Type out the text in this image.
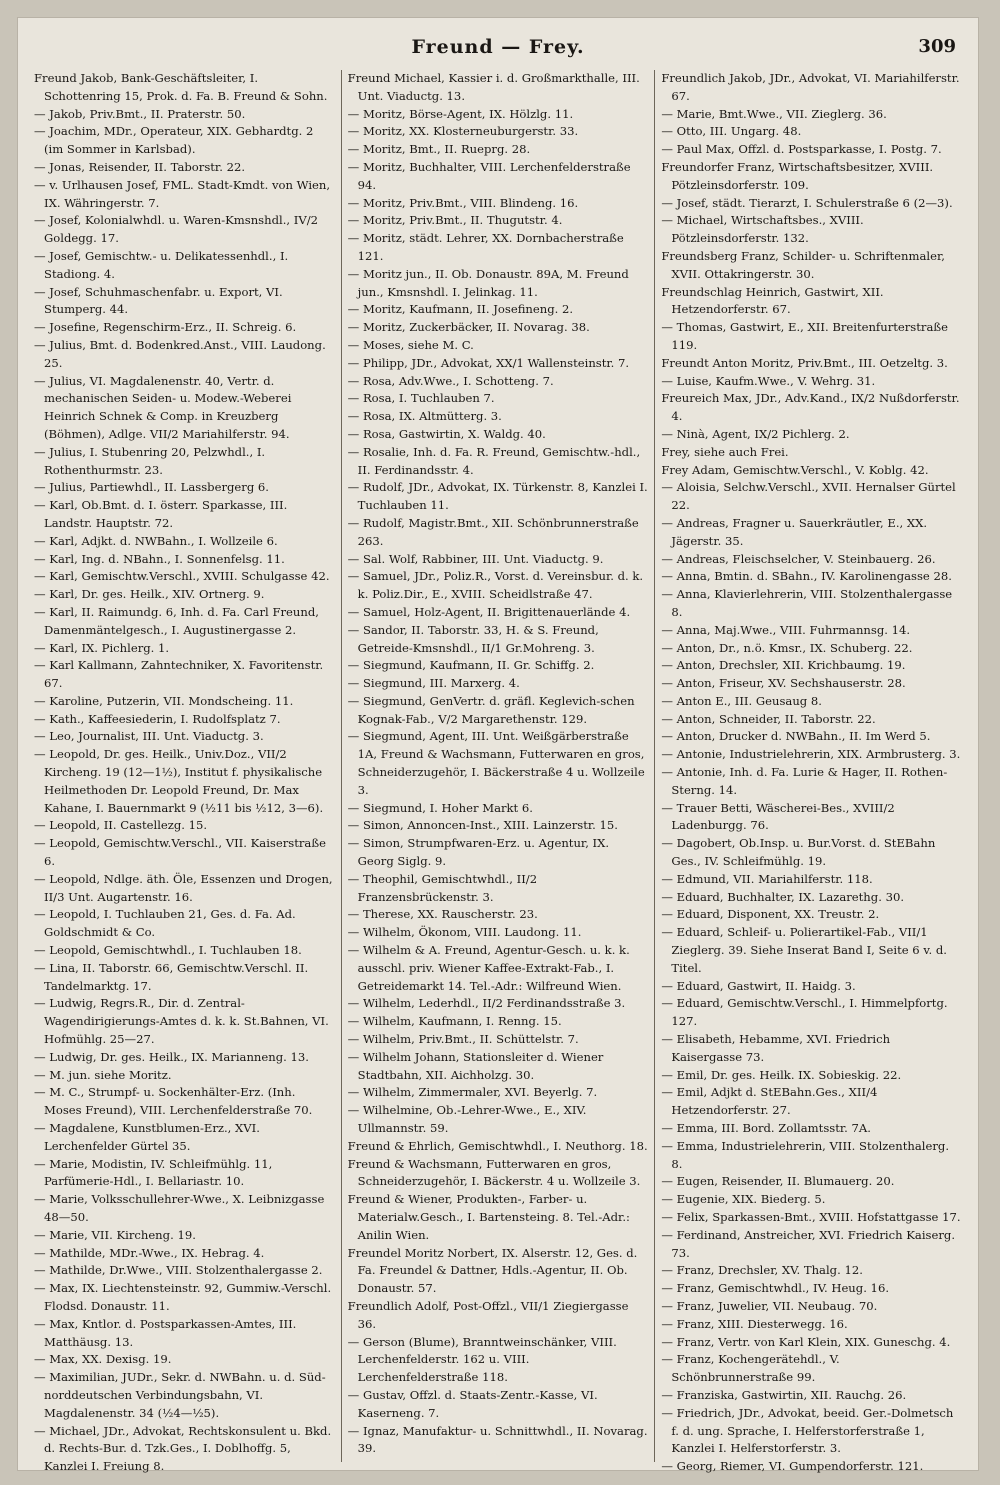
Freund — Frey.	309

Freund Jakob, Bank-Geschäftsleiter, I. Schottenring 15, Prok. d. Fa. B. Freund & Sohn.

— Jakob, Priv.Bmt., II. Praterstr. 50.

— Joachim, MDr., Operateur, XIX. Gebhardtg. 2 (im Sommer in Karlsbad).

— Jonas, Reisender, II. Taborstr. 22.

— v. Urlhausen Josef, FML. Stadt-Kmdt. von Wien, IX. Währingerstr. 7.

— Josef, Kolonialwhdl. u. Waren-Kmsnshdl., IV/2 Goldegg. 17.

— Josef, Gemischtw.- u. Delikatessenhdl., I. Stadiong. 4.

— Josef, Schuhmaschenfabr. u. Export, VI. Stumperg. 44.

— Josefine, Regenschirm-Erz., II. Schreig. 6.

— Julius, Bmt. d. Bodenkred.Anst., VIII. Laudong. 25.

— Julius, VI. Magdalenenstr. 40, Vertr. d. mechanischen Seiden- u. Modew.-Weberei Heinrich Schnek & Comp. in Kreuzberg (Böhmen), Adlge. VII/2 Mariahilferstr. 94.

— Julius, I. Stubenring 20, Pelzwhdl., I. Rothenthurmstr. 23.

— Julius, Partiewhdl., II. Lassbergerg 6.

— Karl, Ob.Bmt. d. I. österr. Sparkasse, III. Landstr. Hauptstr. 72.

— Karl, Adjkt. d. NWBahn., I. Wollzeile 6.

— Karl, Ing. d. NBahn., I. Sonnenfelsg. 11.

— Karl, Gemischtw.Verschl., XVIII. Schulgasse 42.

— Karl, Dr. ges. Heilk., XIV. Ortnerg. 9.

— Karl, II. Raimundg. 6, Inh. d. Fa. Carl Freund, Damenmäntelgesch., I. Augustinergasse 2.

— Karl, IX. Pichlerg. 1.

— Karl Kallmann, Zahntechniker, X. Favoritenstr. 67.

— Karoline, Putzerin, VII. Mondscheing. 11.

— Kath., Kaffeesiederin, I. Rudolfsplatz 7.

— Leo, Journalist, III. Unt. Viaductg. 3.

— Leopold, Dr. ges. Heilk., Univ.Doz., VII/2 Kircheng. 19 (12—1½), Institut f. physikalische Heilmethoden Dr. Leopold Freund, Dr. Max Kahane, I. Bauernmarkt 9 (½11 bis ½12, 3—6).

— Leopold, II. Castellezg. 15.

— Leopold, Gemischtw.Verschl., VII. Kaiserstraße 6.

— Leopold, Ndlge. äth. Öle, Essenzen und Drogen, II/3 Unt. Augartenstr. 16.

— Leopold, I. Tuchlauben 21, Ges. d. Fa. Ad. Goldschmidt & Co.

— Leopold, Gemischtwhdl., I. Tuchlauben 18.

— Lina, II. Taborstr. 66, Gemischtw.Verschl. II. Tandelmarktg. 17.

— Ludwig, Regrs.R., Dir. d. Zentral-Wagendirigierungs-Amtes d. k. k. St.Bahnen, VI. Hofmühlg. 25—27.

— Ludwig, Dr. ges. Heilk., IX. Marianneng. 13.

— M. jun. siehe Moritz.

— M. C., Strumpf- u. Sockenhälter-Erz. (Inh. Moses Freund), VIII. Lerchenfelderstraße 70.

— Magdalene, Kunstblumen-Erz., XVI. Lerchenfelder Gürtel 35.

— Marie, Modistin, IV. Schleifmühlg. 11, Parfümerie-Hdl., I. Bellariastr. 10.

— Marie, Volksschullehrer-Wwe., X. Leibnizgasse 48—50.

— Marie, VII. Kircheng. 19.

— Mathilde, MDr.-Wwe., IX. Hebrag. 4.

— Mathilde, Dr.Wwe., VIII. Stolzenthalergasse 2.

— Max, IX. Liechtensteinstr. 92, Gummiw.-Verschl. Flodsd. Donaustr. 11.

— Max, Kntlor. d. Postsparkassen-Amtes, III. Matthäusg. 13.

— Max, XX. Dexisg. 19.

— Maximilian, JUDr., Sekr. d. NWBahn. u. d. Süd-norddeutschen Verbindungsbahn, VI. Magdalenenstr. 34 (½4—½5).

— Michael, JDr., Advokat, Rechtskonsulent u. Bkd. d. Rechts-Bur. d. Tzk.Ges., I. Doblhoffg. 5, Kanzlei I. Freiung 8.

Freund Michael, Kassier i. d. Großmarkthalle, III. Unt. Viaductg. 13.

— Moritz, Börse-Agent, IX. Hölzlg. 11.

— Moritz, XX. Klosterneuburgerstr. 33.

— Moritz, Bmt., II. Rueprg. 28.

— Moritz, Buchhalter, VIII. Lerchenfelderstraße 94.

— Moritz, Priv.Bmt., VIII. Blindeng. 16.

— Moritz, Priv.Bmt., II. Thugutstr. 4.

— Moritz, städt. Lehrer, XX. Dornbacherstraße 121.

— Moritz jun., II. Ob. Donaustr. 89A, M. Freund jun., Kmsnshdl. I. Jelinkag. 11.

— Moritz, Kaufmann, II. Josefineng. 2.

— Moritz, Zuckerbäcker, II. Novarag. 38.

— Moses, siehe M. C.

— Philipp, JDr., Advokat, XX/1 Wallensteinstr. 7.

— Rosa, Adv.Wwe., I. Schotteng. 7.

— Rosa, I. Tuchlauben 7.

— Rosa, IX. Altmütterg. 3.

— Rosa, Gastwirtin, X. Waldg. 40.

— Rosalie, Inh. d. Fa. R. Freund, Gemischtw.-hdl., II. Ferdinandsstr. 4.

— Rudolf, JDr., Advokat, IX. Türkenstr. 8, Kanzlei I. Tuchlauben 11.

— Rudolf, Magistr.Bmt., XII. Schönbrunnerstraße 263.

— Sal. Wolf, Rabbiner, III. Unt. Viaductg. 9.

— Samuel, JDr., Poliz.R., Vorst. d. Vereinsbur. d. k. k. Poliz.Dir., E., XVIII. Scheidlstraße 47.

— Samuel, Holz-Agent, II. Brigittenauerlände 4.

— Sandor, II. Taborstr. 33, H. & S. Freund, Getreide-Kmsnshdl., II/1 Gr.Mohreng. 3.

— Siegmund, Kaufmann, II. Gr. Schiffg. 2.

— Siegmund, III. Marxerg. 4.

— Siegmund, GenVertr. d. gräfl. Keglevich-schen Kognak-Fab., V/2 Margarethenstr. 129.

— Siegmund, Agent, III. Unt. Weißgärberstraße 1A, Freund & Wachsmann, Futterwaren en gros, Schneiderzugehör, I. Bäckerstraße 4 u. Wollzeile 3.

— Siegmund, I. Hoher Markt 6.

— Simon, Annoncen-Inst., XIII. Lainzerstr. 15.

— Simon, Strumpfwaren-Erz. u. Agentur, IX. Georg Siglg. 9.

— Theophil, Gemischtwhdl., II/2 Franzensbrückenstr. 3.

— Therese, XX. Rauscherstr. 23.

— Wilhelm, Ökonom, VIII. Laudong. 11.

— Wilhelm & A. Freund, Agentur-Gesch. u. k. k. ausschl. priv. Wiener Kaffee-Extrakt-Fab., I. Getreidemarkt 14. Tel.-Adr.: Wilfreund Wien.

— Wilhelm, Lederhdl., II/2 Ferdinandsstraße 3.

— Wilhelm, Kaufmann, I. Renng. 15.

— Wilhelm, Priv.Bmt., II. Schüttelstr. 7.

— Wilhelm Johann, Stationsleiter d. Wiener Stadtbahn, XII. Aichholzg. 30.

— Wilhelm, Zimmermaler, XVI. Beyerlg. 7.

— Wilhelmine, Ob.-Lehrer-Wwe., E., XIV. Ullmannstr. 59.

Freund & Ehrlich, Gemischtwhdl., I. Neuthorg. 18.

Freund & Wachsmann, Futterwaren en gros, Schneiderzugehör, I. Bäckerstr. 4 u. Wollzeile 3.

Freund & Wiener, Produkten-, Farber- u. Materialw.Gesch., I. Bartensteing. 8. Tel.-Adr.: Anilin Wien.

Freundel Moritz Norbert, IX. Alserstr. 12, Ges. d. Fa. Freundel & Dattner, Hdls.-Agentur, II. Ob. Donaustr. 57.

Freundlich Adolf, Post-Offzl., VII/1 Ziegiergasse 36.

— Gerson (Blume), Branntweinschänker, VIII. Lerchenfelderstr. 162 u. VIII. Lerchenfelderstraße 118.

— Gustav, Offzl. d. Staats-Zentr.-Kasse, VI. Kaserneng. 7.

— Ignaz, Manufaktur- u. Schnittwhdl., II. Novarag. 39.

Freundlich Jakob, JDr., Advokat, VI. Mariahilferstr. 67.

— Marie, Bmt.Wwe., VII. Zieglerg. 36.

— Otto, III. Ungarg. 48.

— Paul Max, Offzl. d. Postsparkasse, I. Postg. 7.

Freundorfer Franz, Wirtschaftsbesitzer, XVIII. Pötzleinsdorferstr. 109.

— Josef, städt. Tierarzt, I. Schulerstraße 6 (2—3).

— Michael, Wirtschaftsbes., XVIII. Pötzleinsdorferstr. 132.

Freundsberg Franz, Schilder- u. Schriftenmaler, XVII. Ottakringerstr. 30.

Freundschlag Heinrich, Gastwirt, XII. Hetzendorferstr. 67.

— Thomas, Gastwirt, E., XII. Breitenfurterstraße 119.

Freundt Anton Moritz, Priv.Bmt., III. Oetzeltg. 3.

— Luise, Kaufm.Wwe., V. Wehrg. 31.

Freureich Max, JDr., Adv.Kand., IX/2 Nußdorferstr. 4.

— Ninà, Agent, IX/2 Pichlerg. 2.

Frey, siehe auch Frei.

Frey Adam, Gemischtw.Verschl., V. Koblg. 42.

— Aloisia, Selchw.Verschl., XVII. Hernalser Gürtel 22.

— Andreas, Fragner u. Sauerkräutler, E., XX. Jägerstr. 35.

— Andreas, Fleischselcher, V. Steinbauerg. 26.

— Anna, Bmtin. d. SBahn., IV. Karolinengasse 28.

— Anna, Klavierlehrerin, VIII. Stolzenthalergasse 8.

— Anna, Maj.Wwe., VIII. Fuhrmannsg. 14.

— Anton, Dr., n.ö. Kmsr., IX. Schuberg. 22.

— Anton, Drechsler, XII. Krichbaumg. 19.

— Anton, Friseur, XV. Sechshauserstr. 28.

— Anton E., III. Geusaug 8.

— Anton, Schneider, II. Taborstr. 22.

— Anton, Drucker d. NWBahn., II. Im Werd 5.

— Antonie, Industrielehrerin, XIX. Armbrusterg. 3.

— Antonie, Inh. d. Fa. Lurie & Hager, II. Rothen-Sterng. 14.

— Trauer Betti, Wäscherei-Bes., XVIII/2 Ladenburgg. 76.

— Dagobert, Ob.Insp. u. Bur.Vorst. d. StEBahn Ges., IV. Schleifmühlg. 19.

— Edmund, VII. Mariahilferstr. 118.

— Eduard, Buchhalter, IX. Lazarethg. 30.

— Eduard, Disponent, XX. Treustr. 2.

— Eduard, Schleif- u. Polierartikel-Fab., VII/1 Zieglerg. 39. Siehe Inserat Band I, Seite 6 v. d. Titel.

— Eduard, Gastwirt, II. Haidg. 3.

— Eduard, Gemischtw.Verschl., I. Himmelpfortg. 127.

— Elisabeth, Hebamme, XVI. Friedrich Kaisergasse 73.

— Emil, Dr. ges. Heilk. IX. Sobieskig. 22.

— Emil, Adjkt d. StEBahn.Ges., XII/4 Hetzendorferstr. 27.

— Emma, III. Bord. Zollamtsstr. 7A.

— Emma, Industrielehrerin, VIII. Stolzenthalerg. 8.

— Eugen, Reisender, II. Blumauerg. 20.

— Eugenie, XIX. Biederg. 5.

— Felix, Sparkassen-Bmt., XVIII. Hofstattgasse 17.

— Ferdinand, Anstreicher, XVI. Friedrich Kaiserg. 73.

— Franz, Drechsler, XV. Thalg. 12.

— Franz, Gemischtwhdl., IV. Heug. 16.

— Franz, Juwelier, VII. Neubaug. 70.

— Franz, XIII. Diesterwegg. 16.

— Franz, Vertr. von Karl Klein, XIX. Guneschg. 4.

— Franz, Kochengerätehdl., V. Schönbrunnerstraße 99.

— Franziska, Gastwirtin, XII. Rauchg. 26.

— Friedrich, JDr., Advokat, beeid. Ger.-Dolmetsch f. d. ung. Sprache, I. Helferstorferstraße 1, Kanzlei I. Helferstorferstr. 3.

— Georg, Riemer, VI. Gumpendorferstr. 121.
